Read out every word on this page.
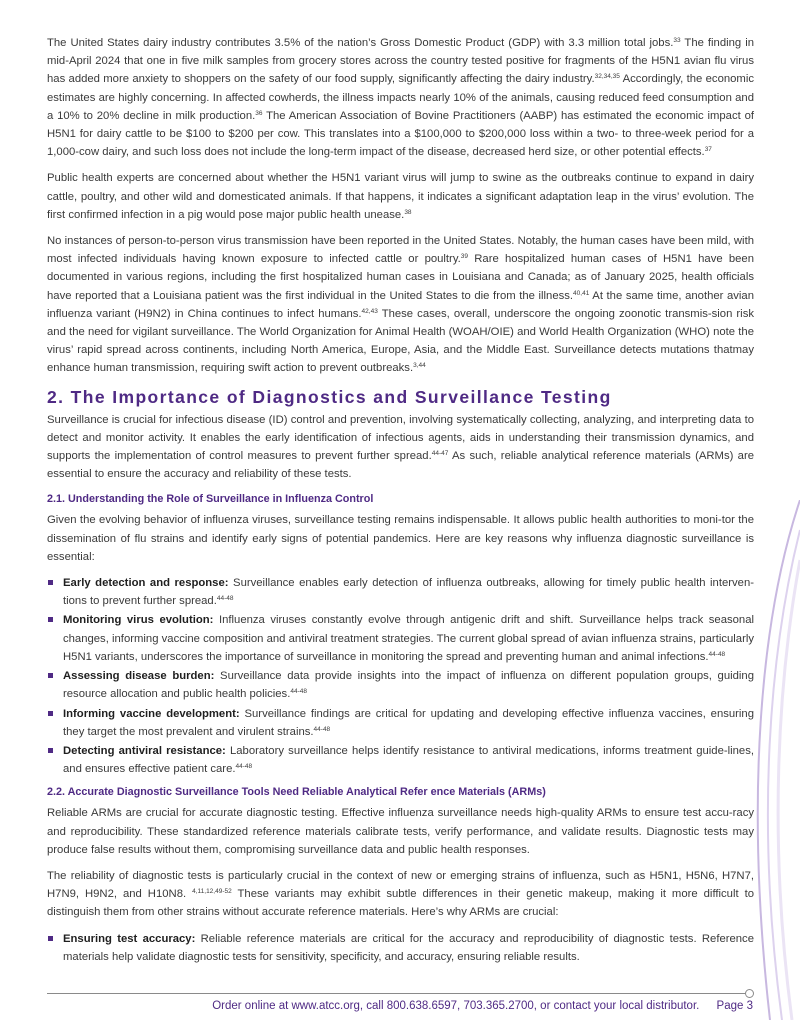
The United States dairy industry contributes 3.5% of the nation’s Gross Domestic Product (GDP) with 3.3 million total jobs.$^{33}$ The finding in mid-April 2024 that one in five milk samples from grocery stores across the country tested positive for fragments of the H5N1 avian flu virus has added more anxiety to shoppers on the safety of our food supply, significantly affecting the dairy industry.$^{32,34,35}$ Accordingly, the economic estimates are highly concerning. In affected cowherds, the illness impacts nearly 10% of the animals, causing reduced feed consumption and a 10% to 20% decline in milk production.$^{36}$ The American Association of Bovine Practitioners (AABP) has estimated the economic impact of H5N1 for dairy cattle to be $100 to $200 per cow. This translates into a $100,000 to $200,000 loss within a two- to three-week period for a 1,000-cow dairy, and such loss does not include the long-term impact of the disease, decreased herd size, or other potential effects.$^{37}$

Public health experts are concerned about whether the H5N1 variant virus will jump to swine as the outbreaks continue to expand in dairy cattle, poultry, and other wild and domesticated animals. If that happens, it indicates a significant adaptation leap in the virus’ evolution. The first confirmed infection in a pig would pose major public health unease.$^{38}$

No instances of person-to-person virus transmission have been reported in the United States. Notably, the human cases have been mild, with most infected individuals having known exposure to infected cattle or poultry.$^{39}$ Rare hospitalized human cases of H5N1 have been documented in various regions, including the first hospitalized human cases in Louisiana and Canada; as of January 2025, health officials have reported that a Louisiana patient was the first individual in the United States to die from the illness.$^{40,41}$ At the same time, another avian influenza variant (H9N2) in China continues to infect humans.$^{42,43}$ These cases, overall, underscore the ongoing zoonotic transmis-sion risk and the need for vigilant surveillance. The World Organization for Animal Health (WOAH/OIE) and World Health Organization (WHO) note the virus’ rapid spread across continents, including North America, Europe, Asia, and the Middle East. Surveillance detects mutations thatmay enhance human transmission, requiring swift action to prevent outbreaks.$^{3,44}$

2. The Importance of Diagnostics and Surveillance Testing

Surveillance is crucial for infectious disease (ID) control and prevention, involving systematically collecting, analyzing, and interpreting data to detect and monitor activity. It enables the early identification of infectious agents, aids in understanding their transmission dynamics, and supports the implementation of control measures to prevent further spread.$^{44-47}$ As such, reliable analytical reference materials (ARMs) are essential to ensure the accuracy and reliability of these tests.

2.1. Understanding the Role of Surveillance in Influenza Control

Given the evolving behavior of influenza viruses, surveillance testing remains indispensable. It allows public health authorities to moni-tor the dissemination of flu strains and identify early signs of potential pandemics. Here are key reasons why influenza diagnostic surveillance is essential:

Early detection and response: Surveillance enables early detection of influenza outbreaks, allowing for timely public health interven-tions to prevent further spread.$^{44-48}$
Monitoring virus evolution: Influenza viruses constantly evolve through antigenic drift and shift. Surveillance helps track seasonal changes, informing vaccine composition and antiviral treatment strategies. The current global spread of avian influenza strains, particularly H5N1 variants, underscores the importance of surveillance in monitoring the spread and preventing human and animal infections.$^{44-48}$
Assessing disease burden: Surveillance data provide insights into the impact of influenza on different population groups, guiding resource allocation and public health policies.$^{44-48}$
Informing vaccine development: Surveillance findings are critical for updating and developing effective influenza vaccines, ensuring they target the most prevalent and virulent strains.$^{44-48}$
Detecting antiviral resistance: Laboratory surveillance helps identify resistance to antiviral medications, informs treatment guide-lines, and ensures effective patient care.$^{44-48}$
2.2. Accurate Diagnostic Surveillance Tools Need Reliable Analytical Refer ence Materials (ARMs)

Reliable ARMs are crucial for accurate diagnostic testing. Effective influenza surveillance needs high-quality ARMs to ensure test accu-racy and reproducibility. These standardized reference materials calibrate tests, verify performance, and validate results. Diagnostic tests may produce false results without them, compromising surveillance data and public health responses.

The reliability of diagnostic tests is particularly crucial in the context of new or emerging strains of influenza, such as H5N1, H5N6, H7N7, H7N9, H9N2, and H10N8. $^{4,11,12,49-52}$ These variants may exhibit subtle differences in their genetic makeup, making it more difficult to distinguish them from other strains without accurate reference materials. Here’s why ARMs are crucial:

Ensuring test accuracy: Reliable reference materials are critical for the accuracy and reproducibility of diagnostic tests. Reference materials help validate diagnostic tests for sensitivity, specificity, and accuracy, ensuring reliable results.
Order online at www.atcc.org, call 800.638.6597, 703.365.2700, or contact your local distributor. Page 3
